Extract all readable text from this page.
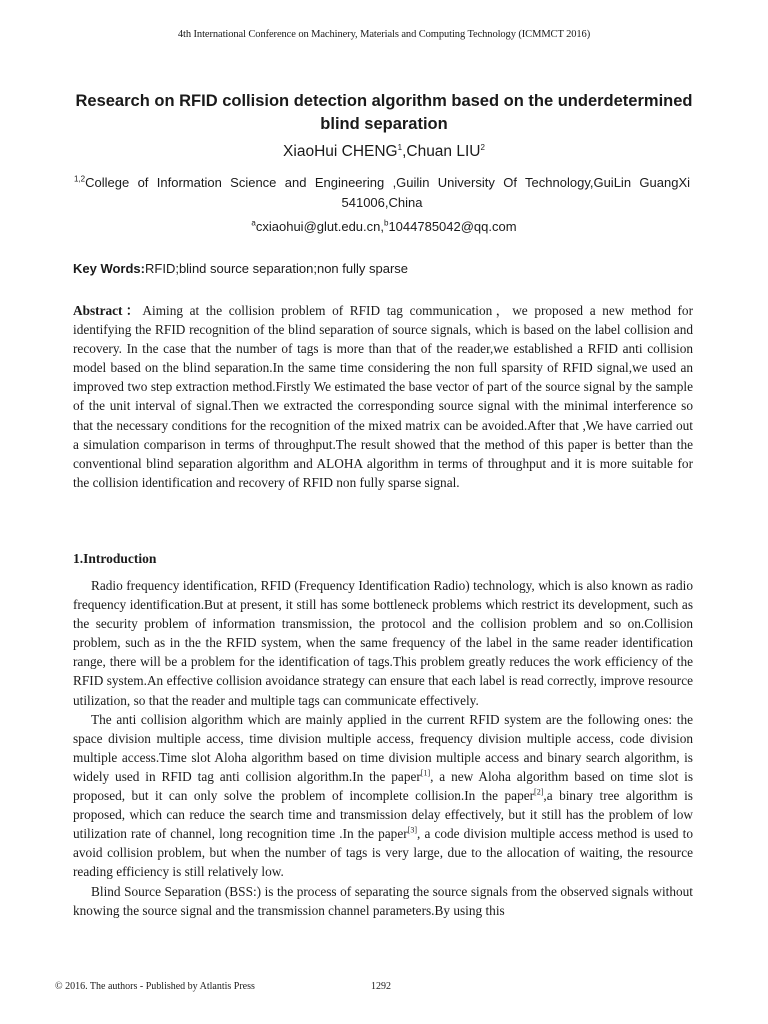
4th International Conference on Machinery, Materials and Computing Technology (ICMMCT 2016)
Research on RFID collision detection algorithm based on the underdetermined blind separation
XiaoHui CHENG$^1$,Chuan LIU$^2$
$^{1,2}$College of Information Science and Engineering ,Guilin University Of Technology,GuiLin GuangXi 541006,China
$^a$cxiaohui@glut.edu.cn,$^b$1044785042@qq.com
Key Words:RFID;blind source separation;non fully sparse
Abstract：Aiming at the collision problem of RFID tag communication，we proposed a new method for identifying the RFID recognition of the blind separation of source signals, which is based on the label collision and recovery. In the case that the number of tags is more than that of the reader,we established a RFID anti collision model based on the blind separation.In the same time considering the non full sparsity of RFID signal,we used an improved two step extraction method.Firstly We estimated the base vector of part of the source signal by the sample of the unit interval of signal.Then we extracted the corresponding source signal with the minimal interference so that the necessary conditions for the recognition of the mixed matrix can be avoided.After that ,We have carried out a simulation comparison in terms of throughput.The result showed that the method of this paper is better than the conventional blind separation algorithm and ALOHA algorithm in terms of throughput and it is more suitable for the collision identification and recovery of RFID non fully sparse signal.
1.Introduction

Radio frequency identification, RFID (Frequency Identification Radio) technology, which is also known as radio frequency identification.But at present, it still has some bottleneck problems which restrict its development, such as the security problem of information transmission, the protocol and the collision problem and so on.Collision problem, such as in the the RFID system, when the same frequency of the label in the same reader identification range, there will be a problem for the identification of tags.This problem greatly reduces the work efficiency of the RFID system.An effective collision avoidance strategy can ensure that each label is read correctly, improve resource utilization, so that the reader and multiple tags can communicate effectively.

The anti collision algorithm which are mainly applied in the current RFID system are the following ones: the space division multiple access, time division multiple access, frequency division multiple access, code division multiple access.Time slot Aloha algorithm based on time division multiple access and binary search algorithm, is widely used in RFID tag anti collision algorithm.In the paper[1], a new Aloha algorithm based on time slot is proposed, but it can only solve the problem of incomplete collision.In the paper[2],a binary tree algorithm is proposed, which can reduce the search time and transmission delay effectively, but it still has the problem of low utilization rate of channel, long recognition time .In the paper[3], a code division multiple access method is used to avoid collision problem, but when the number of tags is very large, due to the allocation of waiting, the resource reading efficiency is still relatively low.

Blind Source Separation (BSS:) is the process of separating the source signals from the observed signals without knowing the source signal and the transmission channel parameters.By using this

© 2016. The authors - Published by Atlantis Press	1292
